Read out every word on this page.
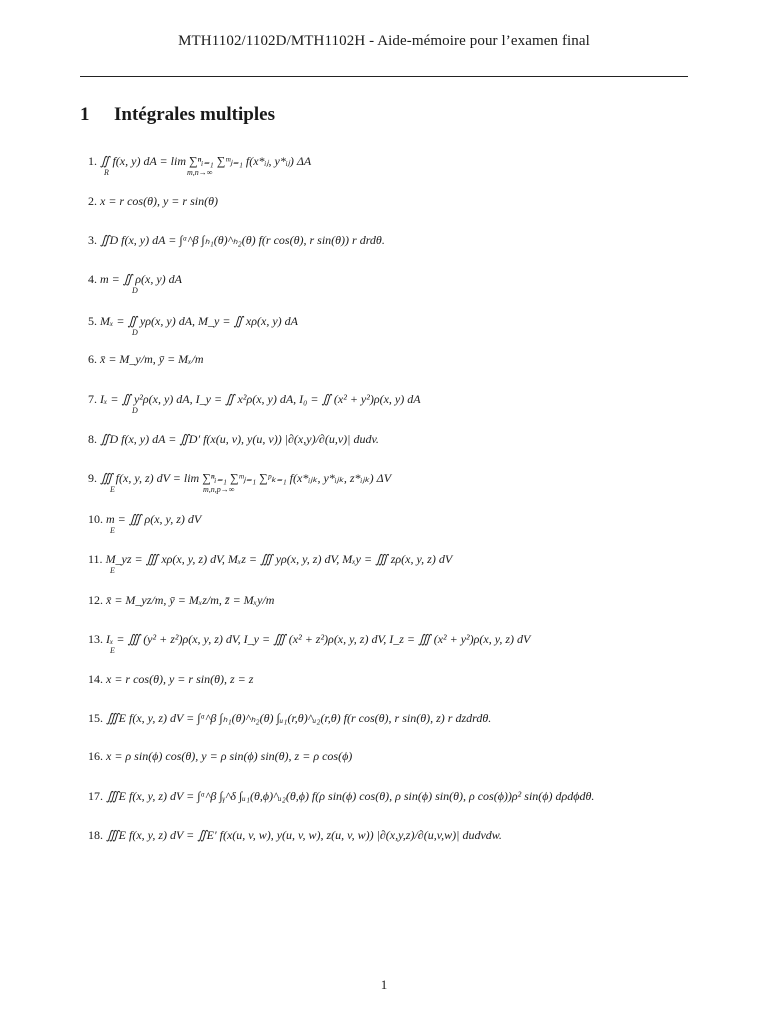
MTH1102/1102D/MTH1102H - Aide-mémoire pour l’examen final
1 Intégrales multiples
1. ∬ f(x, y) dA = lim ∑ⁿᵢ₌₁ ∑ᵐⱼ₌₁ f(x*ᵢⱼ, y*ᵢⱼ) ΔA
R	m,n→∞
2. x = r cos(θ), y = r sin(θ)
3. ∬D f(x, y) dA = ∫ᵅ^β ∫ₕ₁(θ)^ₕ₂(θ) f(r cos(θ), r sin(θ)) r drdθ.
4. m = ∬ ρ(x, y) dA
D
5. Mₓ = ∬ yρ(x, y) dA, M_y = ∬ xρ(x, y) dA
D
6. x̄ = M_y/m, ȳ = Mₓ/m
7. Iₓ = ∬ y²ρ(x, y) dA, I_y = ∬ x²ρ(x, y) dA, I₀ = ∬ (x² + y²)ρ(x, y) dA
D
8. ∬D f(x, y) dA = ∬D′ f(x(u, v), y(u, v)) |∂(x,y)/∂(u,v)| dudv.
9. ∭ f(x, y, z) dV = lim ∑ⁿᵢ₌₁ ∑ᵐⱼ₌₁ ∑ᵖₖ₌₁ f(x*ᵢⱼₖ, y*ᵢⱼₖ, z*ᵢⱼₖ) ΔV
E	m,n,p→∞
10. m = ∭ ρ(x, y, z) dV
E
11. M_yz = ∭ xρ(x, y, z) dV, Mₓz = ∭ yρ(x, y, z) dV, Mₓy = ∭ zρ(x, y, z) dV
E
12. x̄ = M_yz/m, ȳ = Mₓz/m, z̄ = Mₓy/m
13. Iₓ = ∭ (y² + z²)ρ(x, y, z) dV, I_y = ∭ (x² + z²)ρ(x, y, z) dV, I_z = ∭ (x² + y²)ρ(x, y, z) dV
E
14. x = r cos(θ), y = r sin(θ), z = z
15. ∭E f(x, y, z) dV = ∫ᵅ^β ∫ₕ₁(θ)^ₕ₂(θ) ∫ᵤ₁(r,θ)^ᵤ₂(r,θ) f(r cos(θ), r sin(θ), z) r dzdrdθ.
16. x = ρ sin(ϕ) cos(θ), y = ρ sin(ϕ) sin(θ), z = ρ cos(ϕ)
17. ∭E f(x, y, z) dV = ∫ᵅ^β ∫ᵧ^δ ∫ᵤ₁(θ,ϕ)^ᵤ₂(θ,ϕ) f(ρ sin(ϕ) cos(θ), ρ sin(ϕ) sin(θ), ρ cos(ϕ))ρ² sin(ϕ) dρdϕdθ.
18. ∭E f(x, y, z) dV = ∬E′ f(x(u, v, w), y(u, v, w), z(u, v, w)) |∂(x,y,z)/∂(u,v,w)| dudvdw.
1
